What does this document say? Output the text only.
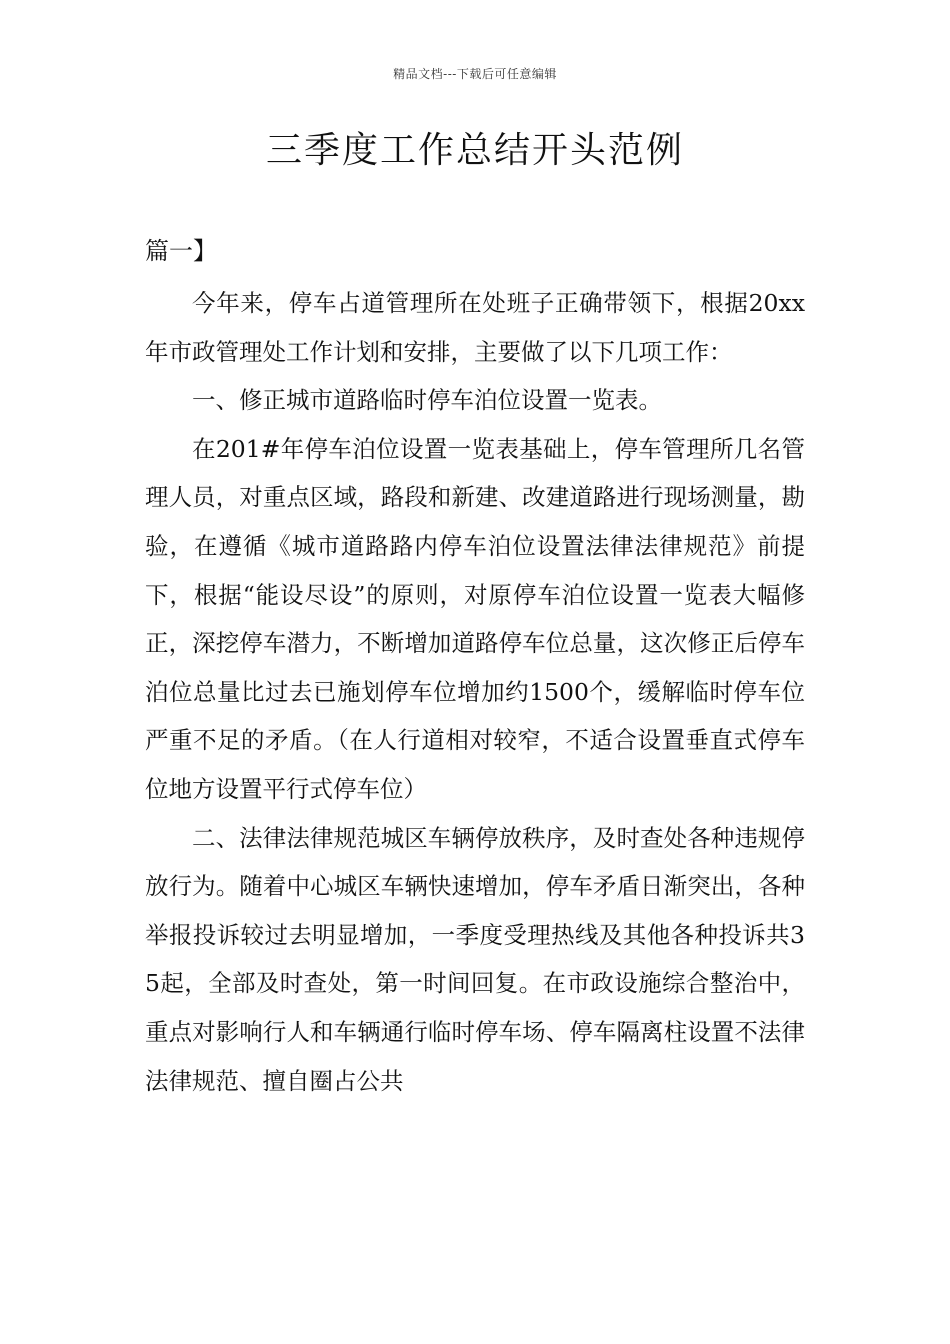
精品文档---下载后可任意编辑
三季度工作总结开头范例
篇一】

今年来，停车占道管理所在处班子正确带领下，根据20xx年市政管理处工作计划和安排，主要做了以下几项工作：

一、修正城市道路临时停车泊位设置一览表。

在201#年停车泊位设置一览表基础上，停车管理所几名管理人员，对重点区域，路段和新建、改建道路进行现场测量，勘验，在遵循《城市道路路内停车泊位设置法律法律规范》前提下，根据“能设尽设”的原则，对原停车泊位设置一览表大幅修正，深挖停车潜力，不断增加道路停车位总量，这次修正后停车泊位总量比过去已施划停车位增加约1500个，缓解临时停车位严重不足的矛盾。（在人行道相对较窄，不适合设置垂直式停车位地方设置平行式停车位）

二、法律法律规范城区车辆停放秩序，及时查处各种违规停放行为。随着中心城区车辆快速增加，停车矛盾日渐突出，各种举报投诉较过去明显增加，一季度受理热线及其他各种投诉共35起，全部及时查处，第一时间回复。在市政设施综合整治中，重点对影响行人和车辆通行临时停车场、停车隔离柱设置不法律法律规范、擅自圈占公共
